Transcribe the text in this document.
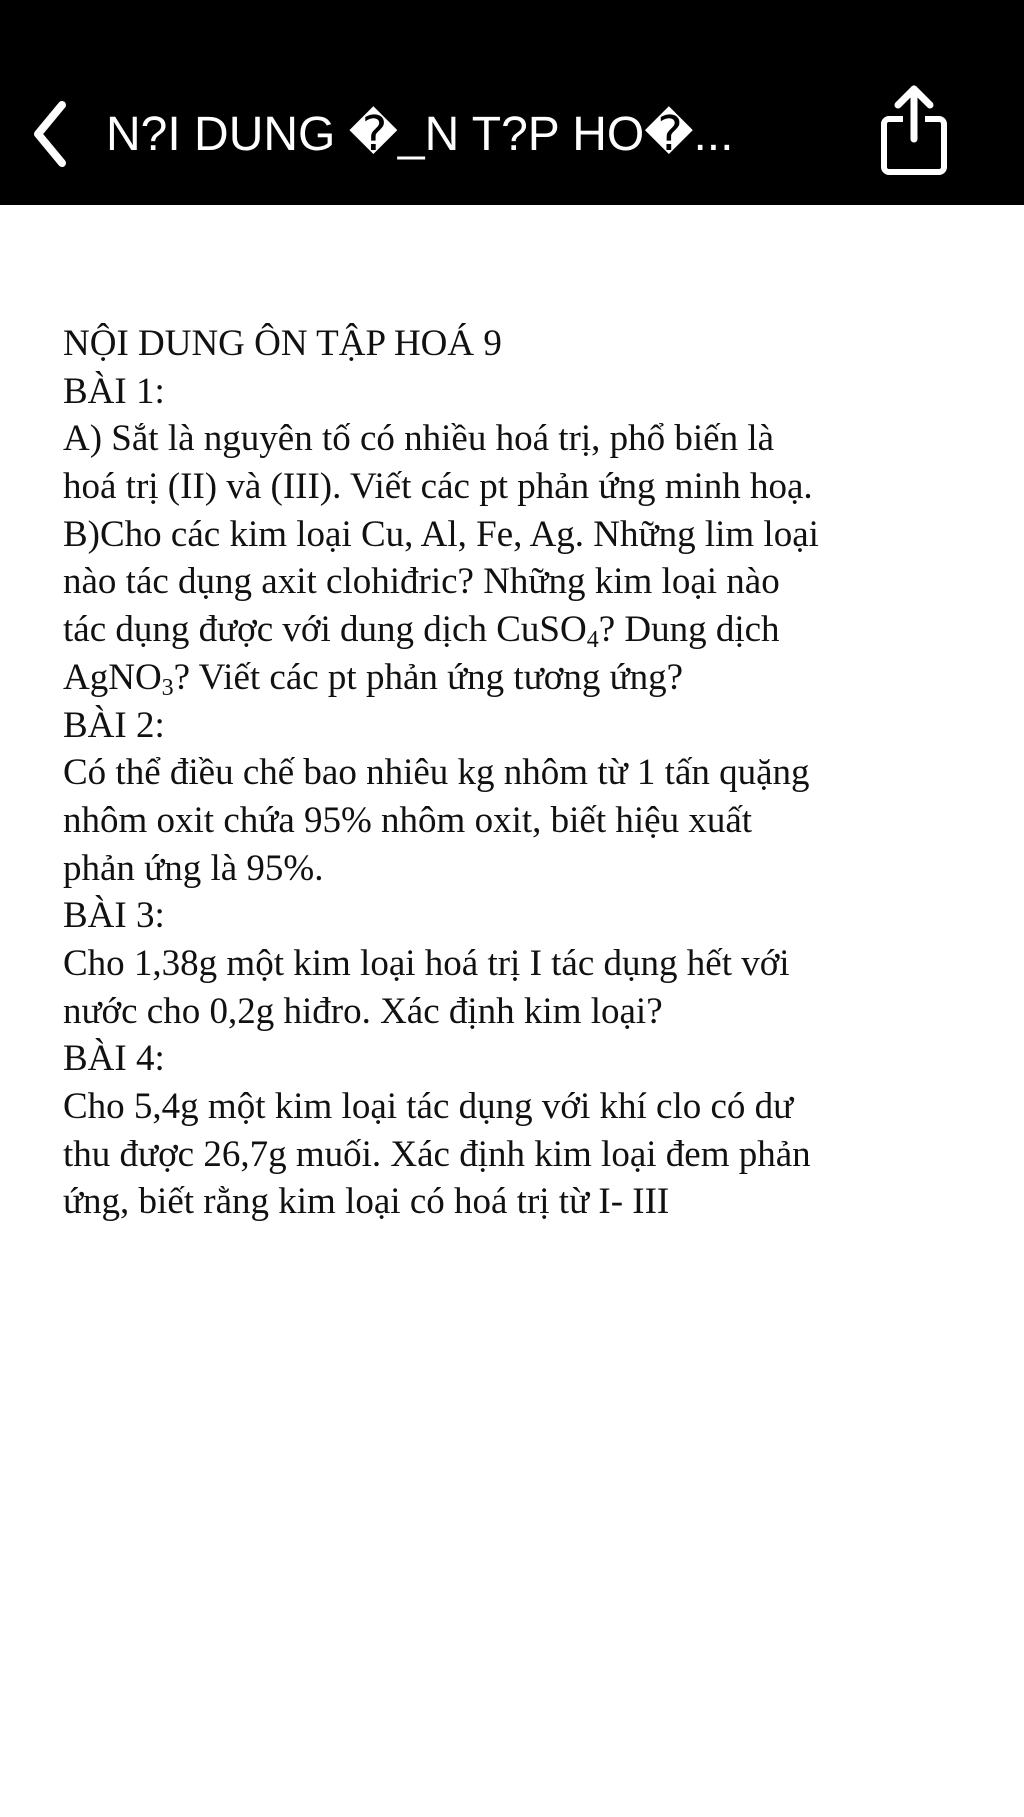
N?I DUNG �_N T?P HO�...
NỘI DUNG ÔN TẬP HOÁ 9
BÀI 1:
A) Sắt là nguyên tố có nhiều hoá trị, phổ biến là
hoá trị (II) và (III). Viết các pt phản ứng minh hoạ.
B)Cho các kim loại Cu, Al, Fe, Ag. Những lim loại
nào tác dụng axit clohiđric? Những kim loại nào
tác dụng được với dung dịch CuSO$_4$? Dung dịch
AgNO$_3$? Viết các pt phản ứng tương ứng?
BÀI 2:
Có thể điều chế bao nhiêu kg nhôm từ 1 tấn quặng
nhôm oxit chứa 95% nhôm oxit, biết hiệu xuất
phản ứng là 95%.
BÀI 3:
Cho 1,38g một kim loại hoá trị I tác dụng hết với
nước cho 0,2g hiđro. Xác định kim loại?
BÀI 4:
Cho 5,4g một kim loại tác dụng với khí clo có dư
thu được 26,7g muối. Xác định kim loại đem phản
ứng, biết rằng kim loại có hoá trị từ I- III
